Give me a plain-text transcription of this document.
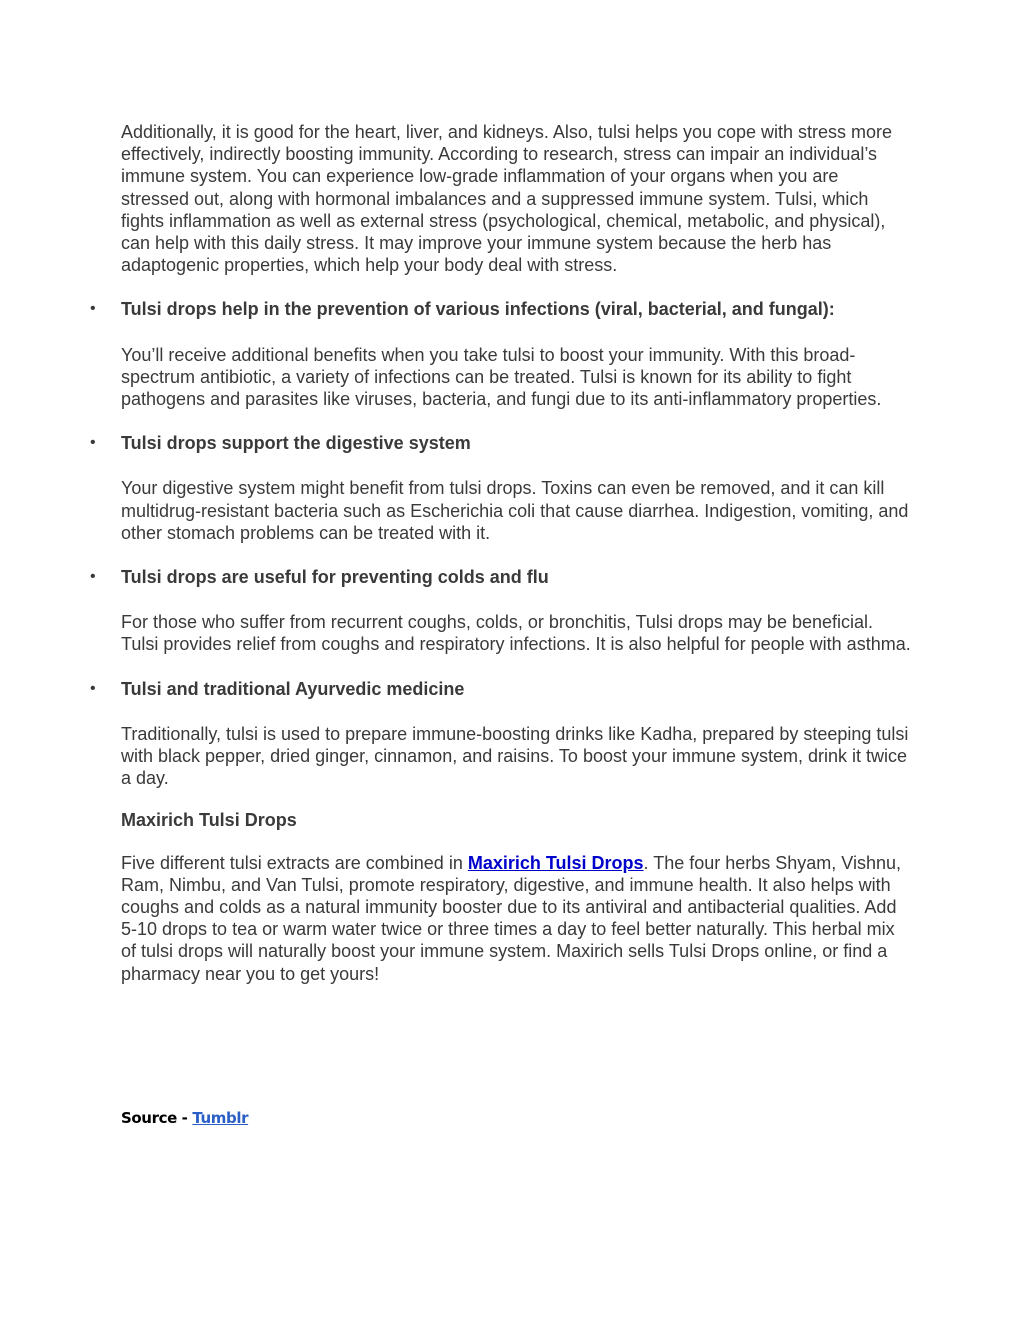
Additionally, it is good for the heart, liver, and kidneys. Also, tulsi helps you cope with stress more effectively, indirectly boosting immunity. According to research, stress can impair an individual’s immune system. You can experience low-grade inflammation of your organs when you are stressed out, along with hormonal imbalances and a suppressed immune system. Tulsi, which fights inflammation as well as external stress (psychological, chemical, metabolic, and physical), can help with this daily stress. It may improve your immune system because the herb has adaptogenic properties, which help your body deal with stress.

• Tulsi drops help in the prevention of various infections (viral, bacterial, and fungal):

You’ll receive additional benefits when you take tulsi to boost your immunity. With this broad-spectrum antibiotic, a variety of infections can be treated. Tulsi is known for its ability to fight pathogens and parasites like viruses, bacteria, and fungi due to its anti-inflammatory properties.

• Tulsi drops support the digestive system

Your digestive system might benefit from tulsi drops. Toxins can even be removed, and it can kill multidrug-resistant bacteria such as Escherichia coli that cause diarrhea. Indigestion, vomiting, and other stomach problems can be treated with it.

• Tulsi drops are useful for preventing colds and flu

For those who suffer from recurrent coughs, colds, or bronchitis, Tulsi drops may be beneficial. Tulsi provides relief from coughs and respiratory infections. It is also helpful for people with asthma.

• Tulsi and traditional Ayurvedic medicine

Traditionally, tulsi is used to prepare immune-boosting drinks like Kadha, prepared by steeping tulsi with black pepper, dried ginger, cinnamon, and raisins. To boost your immune system, drink it twice a day.

Maxirich Tulsi Drops

Five different tulsi extracts are combined in Maxirich Tulsi Drops. The four herbs Shyam, Vishnu, Ram, Nimbu, and Van Tulsi, promote respiratory, digestive, and immune health. It also helps with coughs and colds as a natural immunity booster due to its antiviral and antibacterial qualities. Add 5-10 drops to tea or warm water twice or three times a day to feel better naturally. This herbal mix of tulsi drops will naturally boost your immune system. Maxirich sells Tulsi Drops online, or find a pharmacy near you to get yours!

Source - Tumblr
